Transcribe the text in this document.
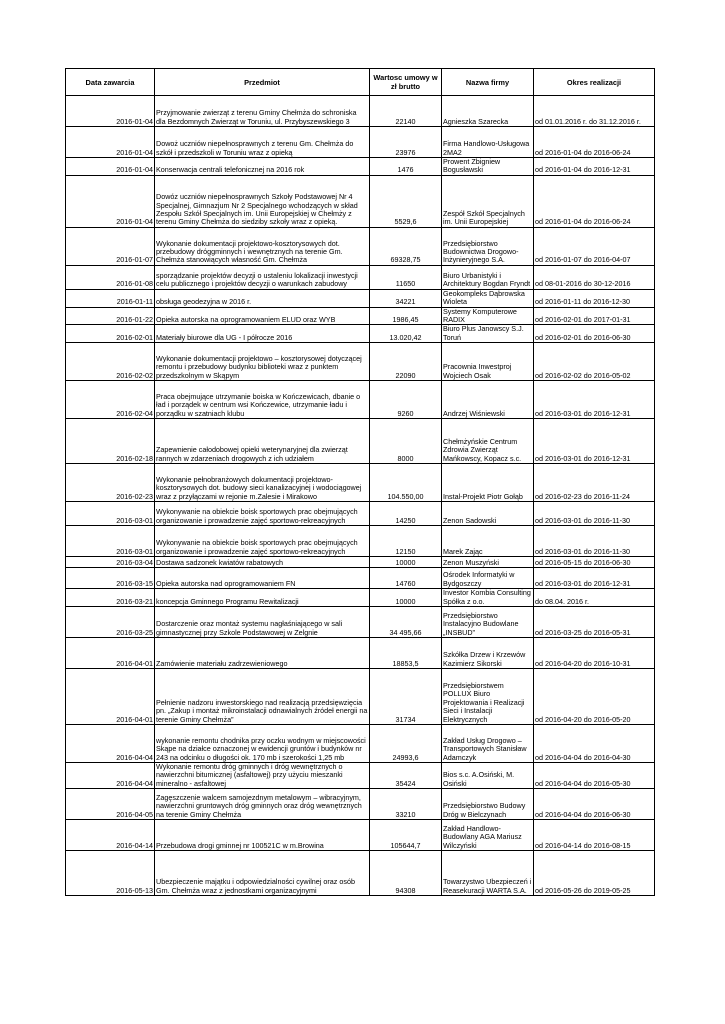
Data zawarcia	Przedmiot	Wartosc umowy w zł brutto	Nazwa firmy	Okres realizacji
2016-01-04	Przyjmowanie zwierząt z terenu Gminy Chełmża do schroniska dla Bezdomnych Zwierząt w Toruniu, ul. Przybyszewskiego 3	22140	Agnieszka Szarecka	od 01.01.2016 r. do 31.12.2016 r.
2016-01-04	Dowoż uczniów niepełnosprawnych z terenu Gm. Chełmża do szkół i przedszkoli w Toruniu wraz z opieką	23976	Firma Handlowo-Usługowa 2MA2	od 2016-01-04 do 2016-06-24
2016-01-04	Konserwacja centrali telefonicznej na 2016 rok	1476	Prowent Zbigniew Bogusławski	od 2016-01-04 do 2016-12-31
2016-01-04	Dowóz uczniów niepełnosprawnych Szkoły Podstawowej Nr 4 Specjalnej, Gimnazjum Nr 2 Specjalnego wchodzących w skład Zespołu Szkół Specjalnych im. Unii Europejskiej w Chełmży z terenu Gminy Chełmża do siedziby szkoły wraz z opieką.	5529,6	Zespół Szkół Specjalnych im. Unii Europejskiej	od 2016-01-04 do 2016-06-24
2016-01-07	Wykonanie dokumentacji projektowo-kosztorysowych dot. przebudowy dróggminnych i wewnętrznych na terenie Gm. Chełmża stanowiących własność Gm. Chełmża	69328,75	Przedsiębiorstwo Budownictwa Drogowo-Inżynieryjnego S.A.	od 2016-01-07 do 2016-04-07
2016-01-08	sporządzanie projektów decyzji o ustaleniu lokalizacji inwestycji celu publicznego i projektów decyzji o warunkach zabudowy	11650	Biuro Urbanistyki i Architektury Bogdan Fryndt	od 08-01-2016 do 30-12-2016
2016-01-11	obsługa geodezyjna w 2016 r.	34221	Geokompleks Dąbrowska Wioleta	od 2016-01-11 do 2016-12-30
2016-01-22	Opieka autorska na oprogramowaniem ELUD oraz WYB	1986,45	Systemy Komputerowe RADIX	od 2016-02-01 do 2017-01-31
2016-02-01	Materiały biurowe dla UG - I półrocze 2016	13.020,42	Biuro Plus Janowscy S.J. Toruń	od 2016-02-01 do 2016-06-30
2016-02-02	Wykonanie dokumentacji projektowo – kosztorysowej dotyczącej remontu i przebudowy budynku biblioteki wraz z punktem przedszkolnym w Skąpym	22090	Pracownia Inwestproj Wojciech Osak	od 2016-02-02 do 2016-05-02
2016-02-04	Praca obejmujące utrzymanie boiska w Kończewicach, dbanie o ład i porządek w centrum wsi Kończewice, utrzymanie ładu i porządku w szatniach klubu	9260	Andrzej Wiśniewski	od 2016-03-01 do 2016-12-31
2016-02-18	Zapewnienie całodobowej opieki weterynaryjnej dla zwierząt rannych w zdarzeniach drogowych z ich udziałem	8000	Chełmżyńskie Centrum Zdrowia Zwierząt Mańkowscy, Kopacz s.c.	od 2016-03-01 do 2016-12-31
2016-02-23	Wykonanie pełnobranżowych dokumentacji projektowo-kosztorysowych dot. budowy sieci kanalizacyjnej i wodociągowej wraz z przyłączami w rejonie m.Zalesie i Mirakowo	104.550,00	Instal-Projekt Piotr Gołąb	od 2016-02-23 do 2016-11-24
2016-03-01	Wykonywanie na obiekcie boisk sportowych prac obejmujących organizowanie i prowadzenie zajęć sportowo-rekreacyjnych	14250	Zenon Sadowski	od 2016-03-01 do 2016-11-30
2016-03-01	Wykonywanie na obiekcie boisk sportowych prac obejmujących organizowanie i prowadzenie zajęć sportowo-rekreacyjnych	12150	Marek Zając	od 2016-03-01 do 2016-11-30
2016-03-04	Dostawa sadzonek kwiatów rabatowych	10000	Zenon Muszyński	od 2016-05-15 do 2016-06-30
2016-03-15	Opieka autorska nad oprogramowaniem FN	14760	Ośrodek Informatyki w Bydgoszczy	od 2016-03-01 do 2016-12-31
2016-03-21	koncepcja Gminnego Programu Rewitalizacji	10000	Investor Kombia Consulting Spółka z o.o.	do 08.04. 2016 r.
2016-03-25	Dostarczenie oraz montaż systemu nagłaśniającego w sali gimnastycznej przy Szkole Podstawowej w Zelgnie	34 495,66	Przedsiębiorstwo Instalacyjno Budowlane „INSBUD”	od 2016-03-25 do 2016-05-31
2016-04-01	Zamówienie materiału zadrzewieniowego	18853,5	Szkółka Drzew i Krzewów Kazimierz Sikorski	od 2016-04-20 do 2016-10-31
2016-04-01	Pełnienie nadzoru inwestorskiego nad realizacją przedsięwzięcia pn. „Zakup i montaż mikroinstalacji odnawialnych źródeł energii na terenie Gminy Chełmża”	31734	Przedsiębiorstwem POLLUX Biuro Projektowania i Realizacji Sieci i Instalacji Elektrycznych	od 2016-04-20 do 2016-05-20
2016-04-04	wykonanie remontu chodnika przy oczku wodnym w miejscowości Skąpe na działce oznaczonej w ewidencji gruntów i budynków nr 243 na odcinku o długości ok. 170 mb i szerokości 1,25 mb	24993,6	Zakład Usług Drogowo – Transportowych Stanisław Adamczyk	od 2016-04-04 do 2016-04-30
2016-04-04	Wykonanie remontu dróg gminnych i dróg wewnętrznych o nawierzchni bitumicznej (asfaltowej) przy użyciu mieszanki mineralno - asfaltowej	35424	Bios s.c. A.Osiński, M. Osiński	od 2016-04-04 do 2016-05-30
2016-04-05	Zagęszczenie walcem samojezdnym metalowym – wibracyjnym, nawierzchni gruntowych dróg gminnych oraz dróg wewnętrznych na terenie Gminy Chełmża	33210	Przedsiębiorstwo Budowy Dróg w Bielczynach	od 2016-04-04 do 2016-06-30
2016-04-14	Przebudowa drogi gminnej nr 100521C w m.Browina	105644,7	Zakład Handlowo-Budowlany AGA Mariusz Wilczyński	od 2016-04-14 do 2016-08-15
2016-05-13	Ubezpieczenie majątku i odpowiedzialności cywilnej oraz osób Gm. Chełmża wraz z jednostkami organizacyjnymi	94308	Towarzystwo Ubezpieczeń i Reasekuracji WARTA S.A.	od 2016-05-26 do 2019-05-25
